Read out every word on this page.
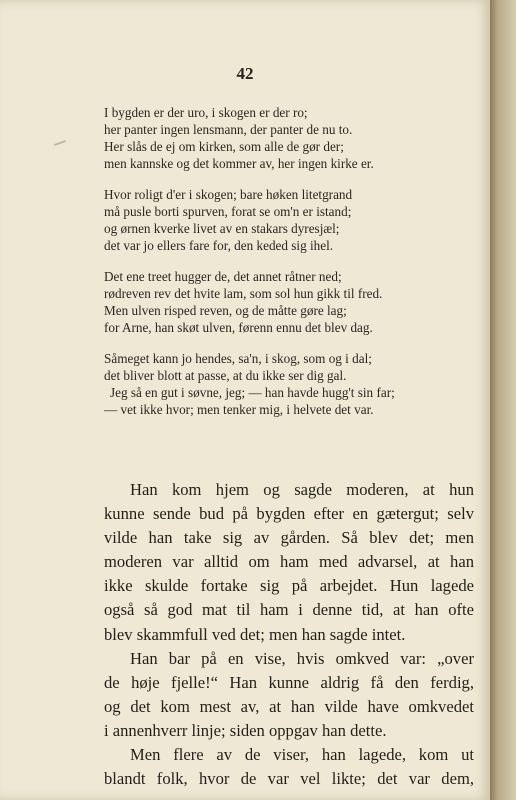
42
I bygden er der uro, i skogen er der ro;
her panter ingen lensmann, der panter de nu to.
Her slås de ej om kirken, som alle de gør der;
men kannske og det kommer av, her ingen kirke er.
Hvor roligt d'er i skogen; bare høken litetgrand
må pusle borti spurven, forat se om'n er istand;
og ørnen kverke livet av en stakars dyresjæl;
det var jo ellers fare for, den keded sig ihel.
Det ene treet hugger de, det annet råtner ned;
rødreven rev det hvite lam, som sol hun gikk til fred.
Men ulven risped reven, og de måtte gøre lag;
for Arne, han skøt ulven, førenn ennu det blev dag.
Såmeget kann jo hendes, sa'n, i skog, som og i dal;
det bliver blott at passe, at du ikke ser dig gal.
Jeg så en gut i søvne, jeg; — han havde hugg't sin far;
— vet ikke hvor; men tenker mig, i helvete det var.
Han kom hjem og sagde moderen, at hun
kunne sende bud på bygden efter en gætergut; selv
vilde han take sig av gården. Så blev det; men
moderen var alltid om ham med advarsel, at han
ikke skulde fortake sig på arbejdet. Hun lagede
også så god mat til ham i denne tid, at han ofte
blev skammfull ved det; men han sagde intet.
Han bar på en vise, hvis omkved var: „over
de høje fjelle!“ Han kunne aldrig få den ferdig,
og det kom mest av, at han vilde have omkvedet
i annenhverr linje; siden oppgav han dette.
Men flere av de viser, han lagede, kom ut
blandt folk, hvor de var vel likte; det var dem,
